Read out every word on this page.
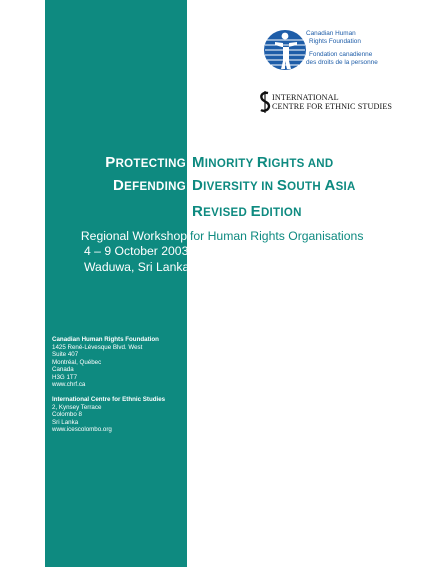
Canadian Human
Rights Foundation
Fondation canadienne
des droits de la personne
INTERNATIONAL
CENTRE FOR ETHNIC STUDIES
PROTECTING
DEFENDING
MINORITY RIGHTS AND
DIVERSITY IN SOUTH ASIA
REVISED EDITION
Regional Workshop for Human Rights Organisations
4 – 9 October 2003
Waduwa, Sri Lanka
Canadian Human Rights Foundation
1425 René-Lévesque Blvd. West
Suite 407
Montréal, Québec
Canada
H3G 1T7
www.chrf.ca
International Centre for Ethnic Studies
2, Kynsey Terrace
Colombo 8
Sri Lanka
www.icescolombo.org
